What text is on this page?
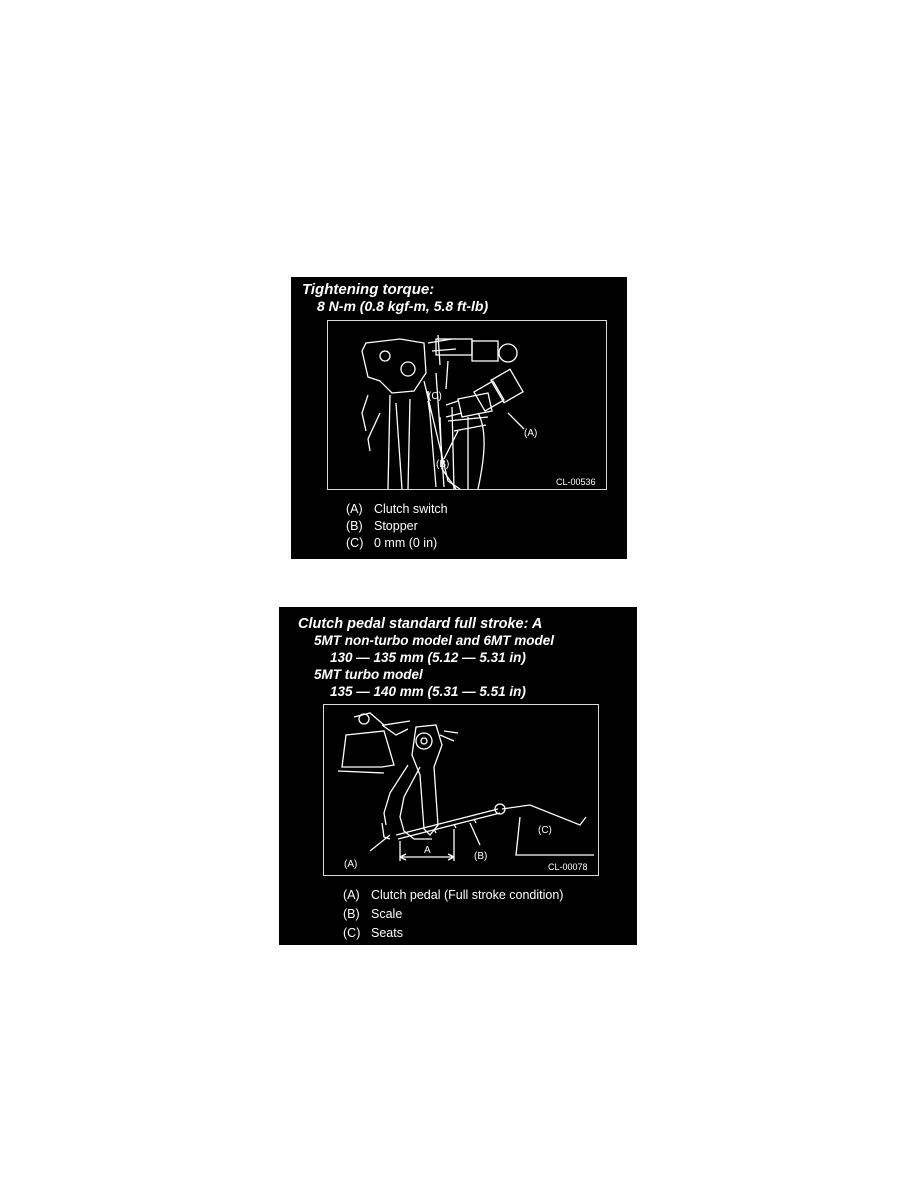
Tightening torque:
8 N-m (0.8 kgf-m, 5.8 ft-lb)
(C)
(A)
(B)
CL-00536
(A) Clutch switch
(B) Stopper
(C) 0 mm (0 in)
Clutch pedal standard full stroke: A
5MT non-turbo model and 6MT model
130 — 135 mm (5.12 — 5.31 in)
5MT turbo model
135 — 140 mm (5.31 — 5.51 in)
A
(A)
(B)
(C)
CL-00078
(A) Clutch pedal (Full stroke condition)
(B) Scale
(C) Seats
